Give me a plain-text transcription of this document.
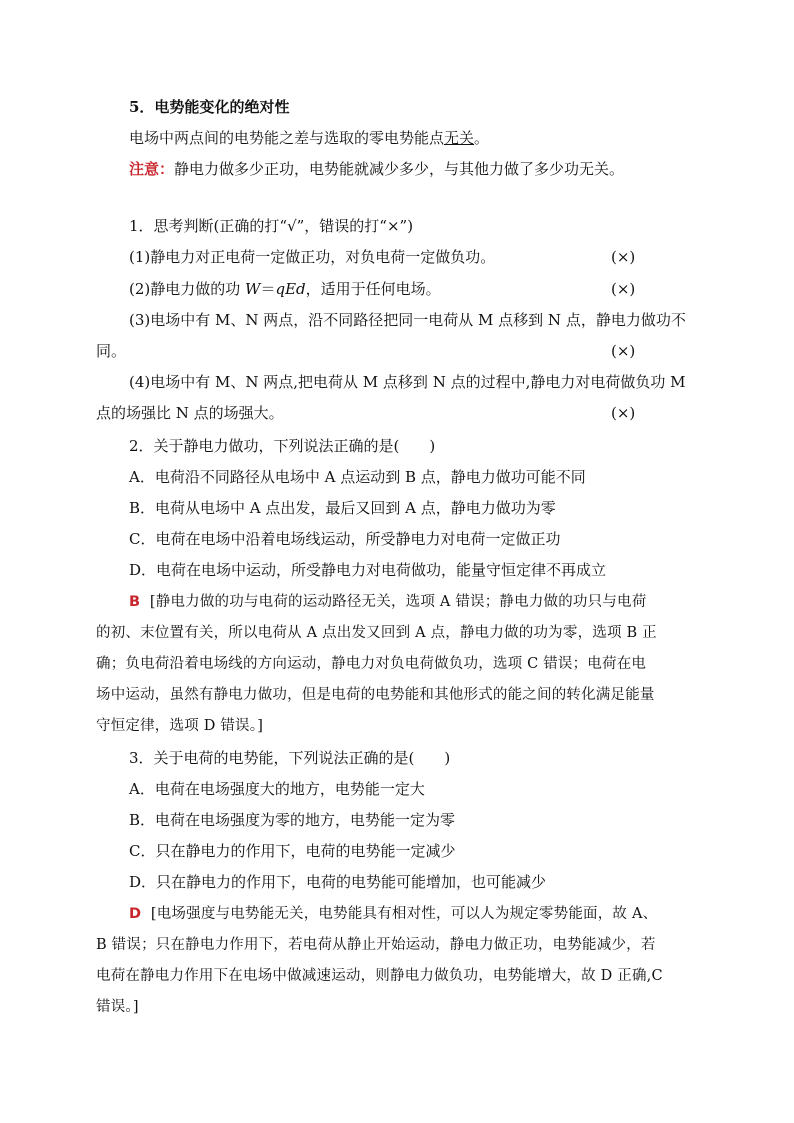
5．电势能变化的绝对性
电场中两点间的电势能之差与选取的零电势能点无关。
注意：静电力做多少正功，电势能就减少多少，与其他力做了多少功无关。
1．思考判断(正确的打“√”，错误的打“×”)
(1)静电力对正电荷一定做正功，对负电荷一定做负功。	(×)
(2)静电力做的功 W＝qEd，适用于任何电场。	(×)
(3)电场中有 M、N 两点，沿不同路径把同一电荷从 M 点移到 N 点，静电力做功不
同。	(×)
(4)电场中有 M、N 两点,把电荷从 M 点移到 N 点的过程中,静电力对电荷做负功 M
点的场强比 N 点的场强大。	(×)
2．关于静电力做功，下列说法正确的是(　　)
A．电荷沿不同路径从电场中 A 点运动到 B 点，静电力做功可能不同
B．电荷从电场中 A 点出发，最后又回到 A 点，静电力做功为零
C．电荷在电场中沿着电场线运动，所受静电力对电荷一定做正功
D．电荷在电场中运动，所受静电力对电荷做功，能量守恒定律不再成立
B [静电力做的功与电荷的运动路径无关，选项 A 错误；静电力做的功只与电荷
的初、末位置有关，所以电荷从 A 点出发又回到 A 点，静电力做的功为零，选项 B 正
确；负电荷沿着电场线的方向运动，静电力对负电荷做负功，选项 C 错误；电荷在电
场中运动，虽然有静电力做功，但是电荷的电势能和其他形式的能之间的转化满足能量
守恒定律，选项 D 错误。]
3．关于电荷的电势能，下列说法正确的是(　　)
A．电荷在电场强度大的地方，电势能一定大
B．电荷在电场强度为零的地方，电势能一定为零
C．只在静电力的作用下，电荷的电势能一定减少
D．只在静电力的作用下，电荷的电势能可能增加，也可能减少
D [电场强度与电势能无关，电势能具有相对性，可以人为规定零势能面，故 A、
B 错误；只在静电力作用下，若电荷从静止开始运动，静电力做正功，电势能减少，若
电荷在静电力作用下在电场中做减速运动，则静电力做负功，电势能增大，故 D 正确,C
错误。]
